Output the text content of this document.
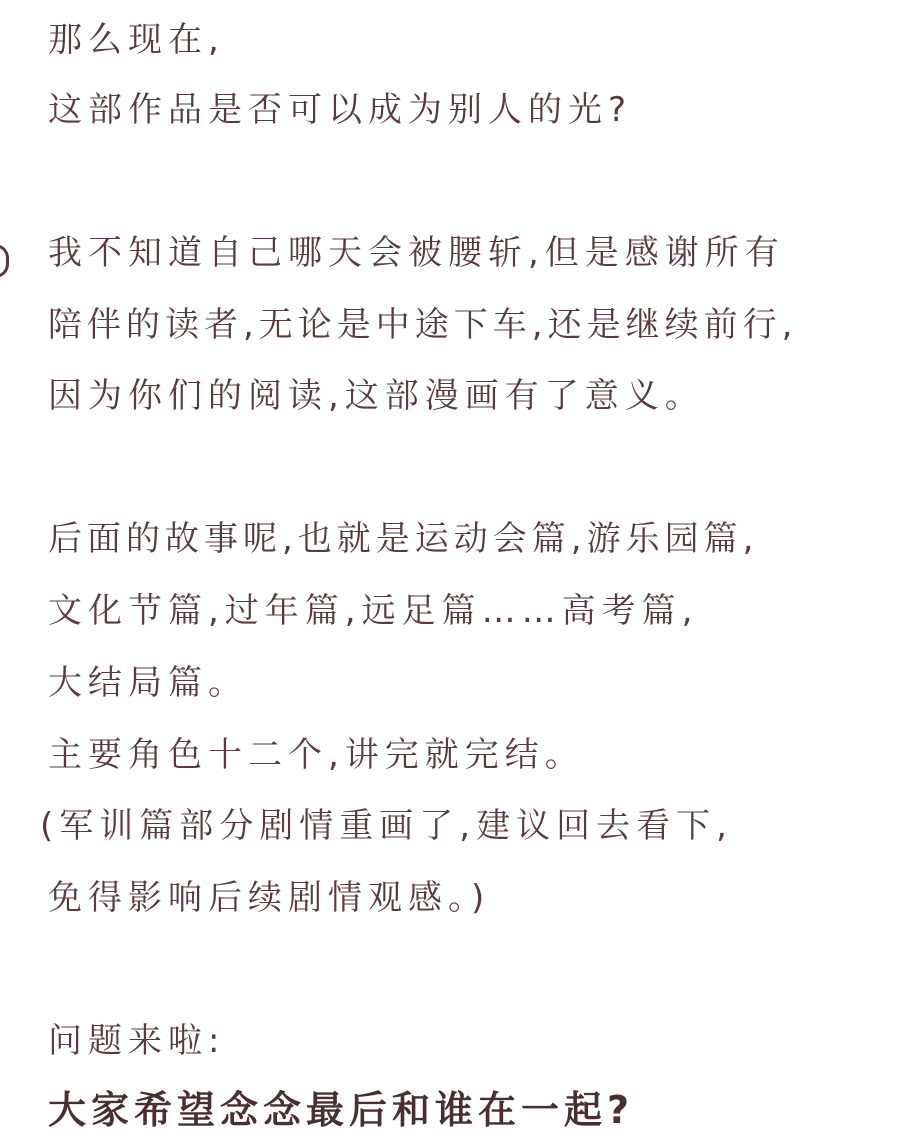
那么现在,
这部作品是否可以成为别人的光?
我不知道自己哪天会被腰斩,但是感谢所有
陪伴的读者,无论是中途下车,还是继续前行,
因为你们的阅读,这部漫画有了意义。
后面的故事呢,也就是运动会篇,游乐园篇,
文化节篇,过年篇,远足篇……高考篇,
大结局篇。
主要角色十二个,讲完就完结。
(军训篇部分剧情重画了,建议回去看下,
免得影响后续剧情观感。)
问题来啦:
大家希望念念最后和谁在一起?
